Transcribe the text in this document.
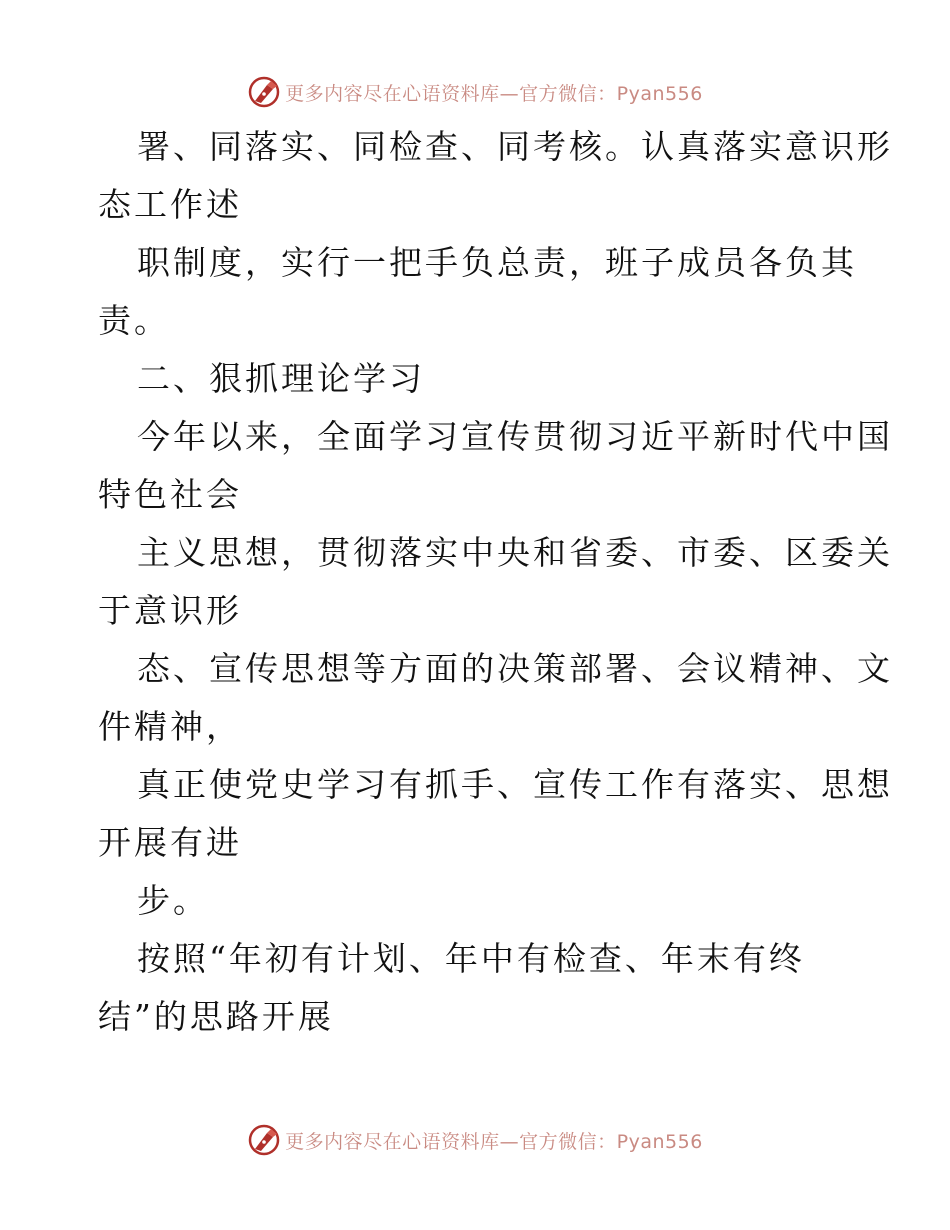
更多内容尽在心语资料库—官方微信：Pyan556
署、同落实、同检查、同考核。认真落实意识形
态工作述
职制度，实行一把手负总责，班子成员各负其
责。
二、狠抓理论学习
今年以来，全面学习宣传贯彻习近平新时代中国
特色社会
主义思想，贯彻落实中央和省委、市委、区委关
于意识形
态、宣传思想等方面的决策部署、会议精神、文
件精神，
真正使党史学习有抓手、宣传工作有落实、思想
开展有进
步。
按照“年初有计划、年中有检查、年末有终
结”的思路开展
更多内容尽在心语资料库—官方微信：Pyan556
